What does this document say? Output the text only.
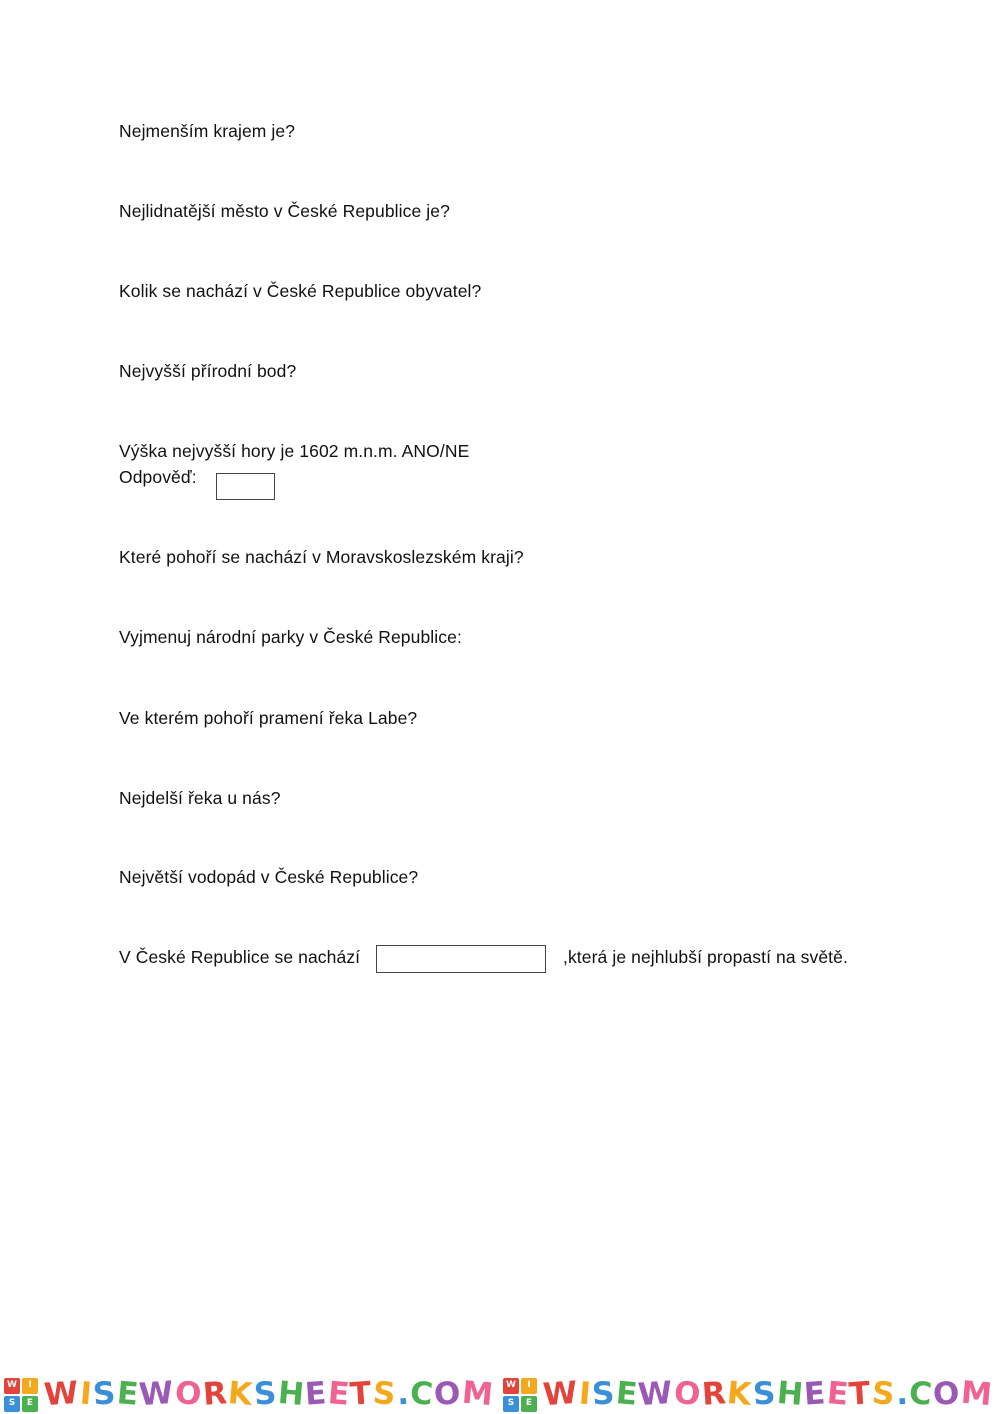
Nejmenším krajem je?
Nejlidnatější město v České Republice je?
Kolik se nachází v České Republice obyvatel?
Nejvyšší přírodní bod?
Výška nejvyšší hory je 1602 m.n.m. ANO/NE
Odpověď:
Které pohoří se nachází v Moravskoslezském kraji?
Vyjmenuj národní parky v České Republice:
Ve kterém pohoří pramení řeka Labe?
Nejdelší řeka u nás?
Největší vodopád v České Republice?
V České Republice se nachází	,která je nejhlubší propastí na světě.
W	I
S	E WISEWORKSHEETS.COM	W	I
S	E WISEWORKSHEETS.COM
